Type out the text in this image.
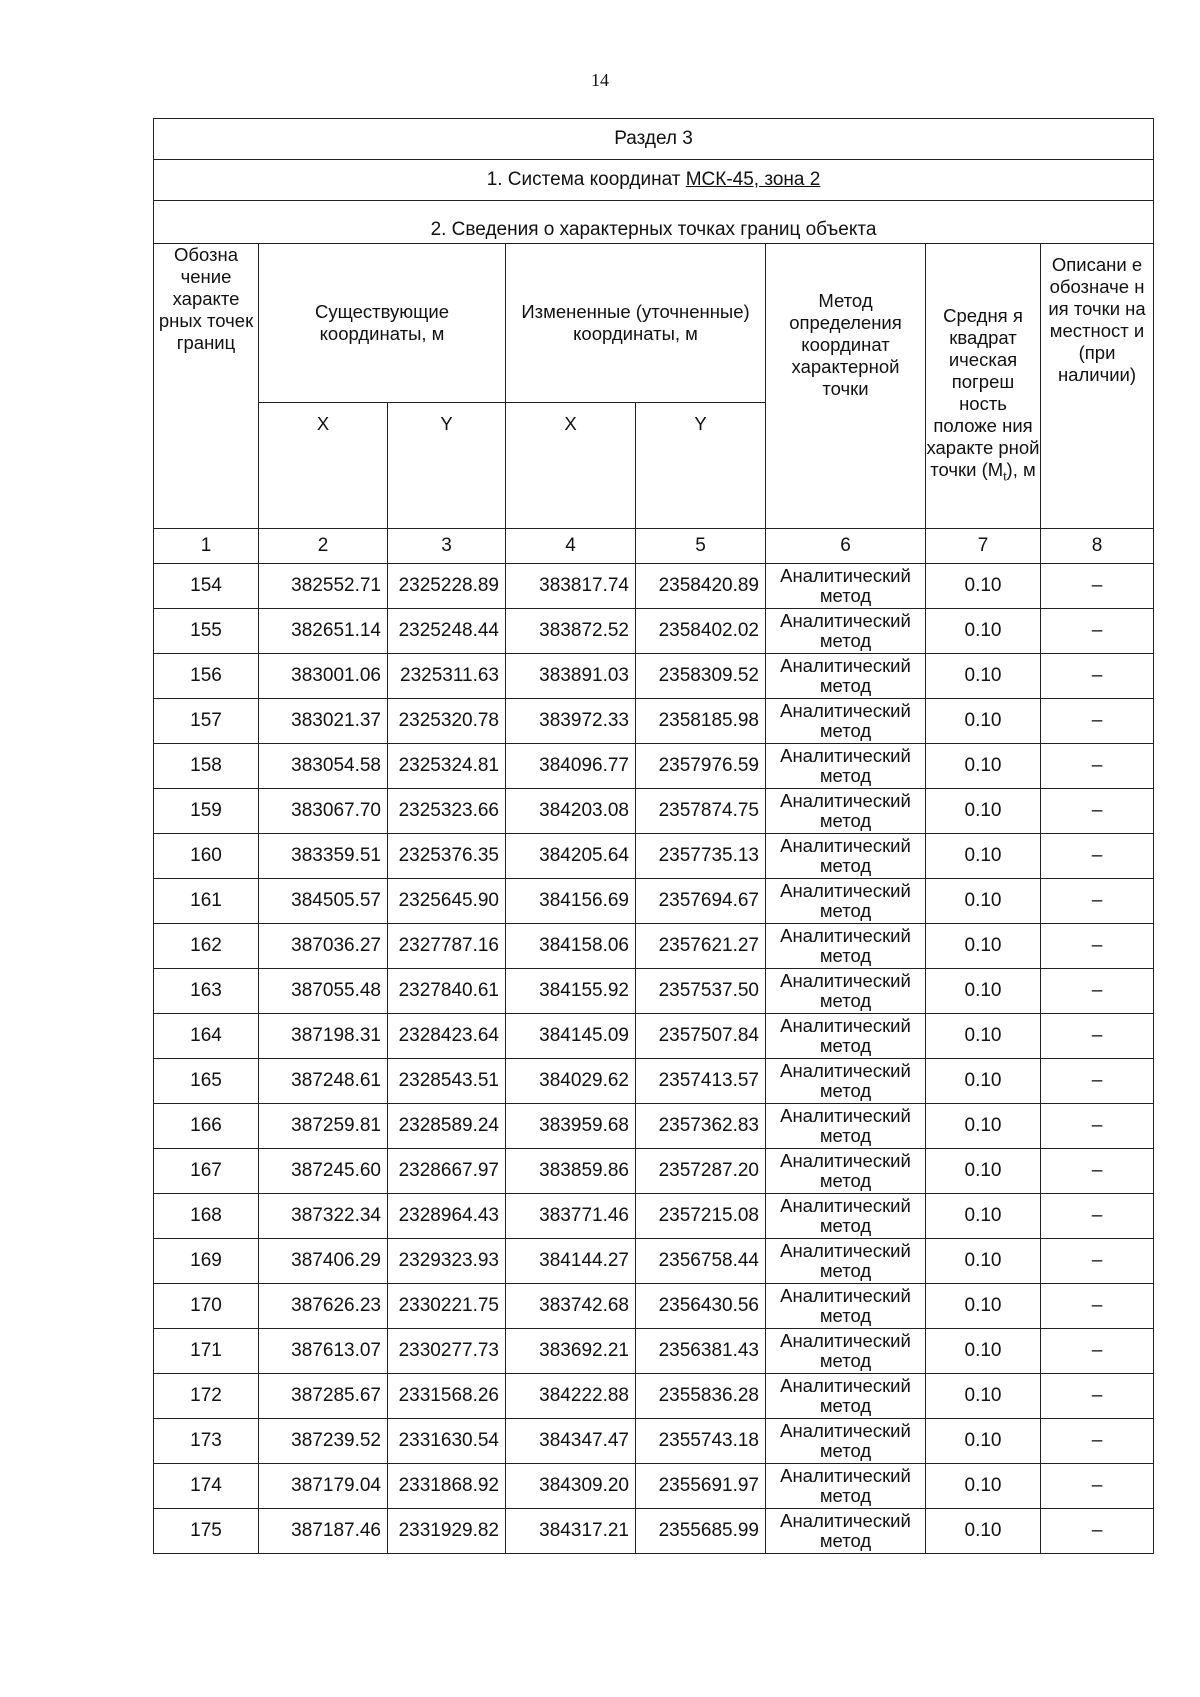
14
Раздел 3							
1. Система координат МСК-45, зона 2							
2. Сведения о характерных точках границ объекта							
Обозна чение характе рных точек границ	Существующие координаты, м		Измененные (уточненные) координаты, м		Метод определения координат характерной точки	Средня я квадрат ическая погреш ность положе ния характе рной точки $(M_t)$, м	Описани е обозначе н ия точки на местност и (при наличии)
	X	Y	X	Y			
1	2	3	4	5	6	7	8
154	382552.71	2325228.89	383817.74	2358420.89	Аналитический метод	0.10	–
155	382651.14	2325248.44	383872.52	2358402.02	Аналитический метод	0.10	–
156	383001.06	2325311.63	383891.03	2358309.52	Аналитический метод	0.10	–
157	383021.37	2325320.78	383972.33	2358185.98	Аналитический метод	0.10	–
158	383054.58	2325324.81	384096.77	2357976.59	Аналитический метод	0.10	–
159	383067.70	2325323.66	384203.08	2357874.75	Аналитический метод	0.10	–
160	383359.51	2325376.35	384205.64	2357735.13	Аналитический метод	0.10	–
161	384505.57	2325645.90	384156.69	2357694.67	Аналитический метод	0.10	–
162	387036.27	2327787.16	384158.06	2357621.27	Аналитический метод	0.10	–
163	387055.48	2327840.61	384155.92	2357537.50	Аналитический метод	0.10	–
164	387198.31	2328423.64	384145.09	2357507.84	Аналитический метод	0.10	–
165	387248.61	2328543.51	384029.62	2357413.57	Аналитический метод	0.10	–
166	387259.81	2328589.24	383959.68	2357362.83	Аналитический метод	0.10	–
167	387245.60	2328667.97	383859.86	2357287.20	Аналитический метод	0.10	–
168	387322.34	2328964.43	383771.46	2357215.08	Аналитический метод	0.10	–
169	387406.29	2329323.93	384144.27	2356758.44	Аналитический метод	0.10	–
170	387626.23	2330221.75	383742.68	2356430.56	Аналитический метод	0.10	–
171	387613.07	2330277.73	383692.21	2356381.43	Аналитический метод	0.10	–
172	387285.67	2331568.26	384222.88	2355836.28	Аналитический метод	0.10	–
173	387239.52	2331630.54	384347.47	2355743.18	Аналитический метод	0.10	–
174	387179.04	2331868.92	384309.20	2355691.97	Аналитический метод	0.10	–
175	387187.46	2331929.82	384317.21	2355685.99	Аналитический метод	0.10	–
